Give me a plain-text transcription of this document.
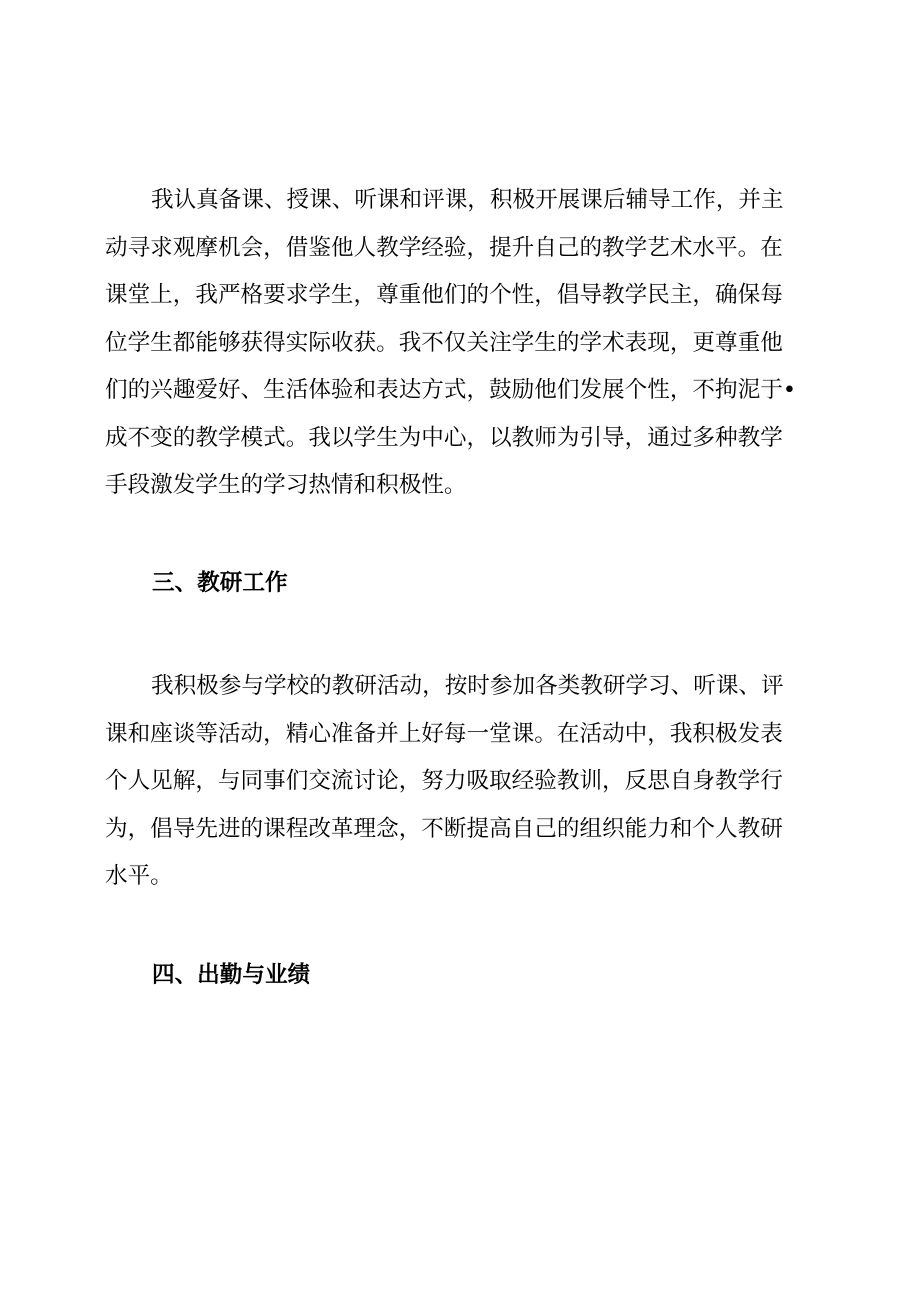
我认真备课、授课、听课和评课，积极开展课后辅导工作，并主
动寻求观摩机会，借鉴他人教学经验，提升自己的教学艺术水平。在
课堂上，我严格要求学生，尊重他们的个性，倡导教学民主，确保每
位学生都能够获得实际收获。我不仅关注学生的学术表现，更尊重他
们的兴趣爱好、生活体验和表达方式，鼓励他们发展个性，不拘泥于•
成不变的教学模式。我以学生为中心，以教师为引导，通过多种教学
手段激发学生的学习热情和积极性。
三、教研工作
我积极参与学校的教研活动，按时参加各类教研学习、听课、评
课和座谈等活动，精心准备并上好每一堂课。在活动中，我积极发表
个人见解，与同事们交流讨论，努力吸取经验教训，反思自身教学行
为，倡导先进的课程改革理念，不断提高自己的组织能力和个人教研
水平。
四、出勤与业绩
